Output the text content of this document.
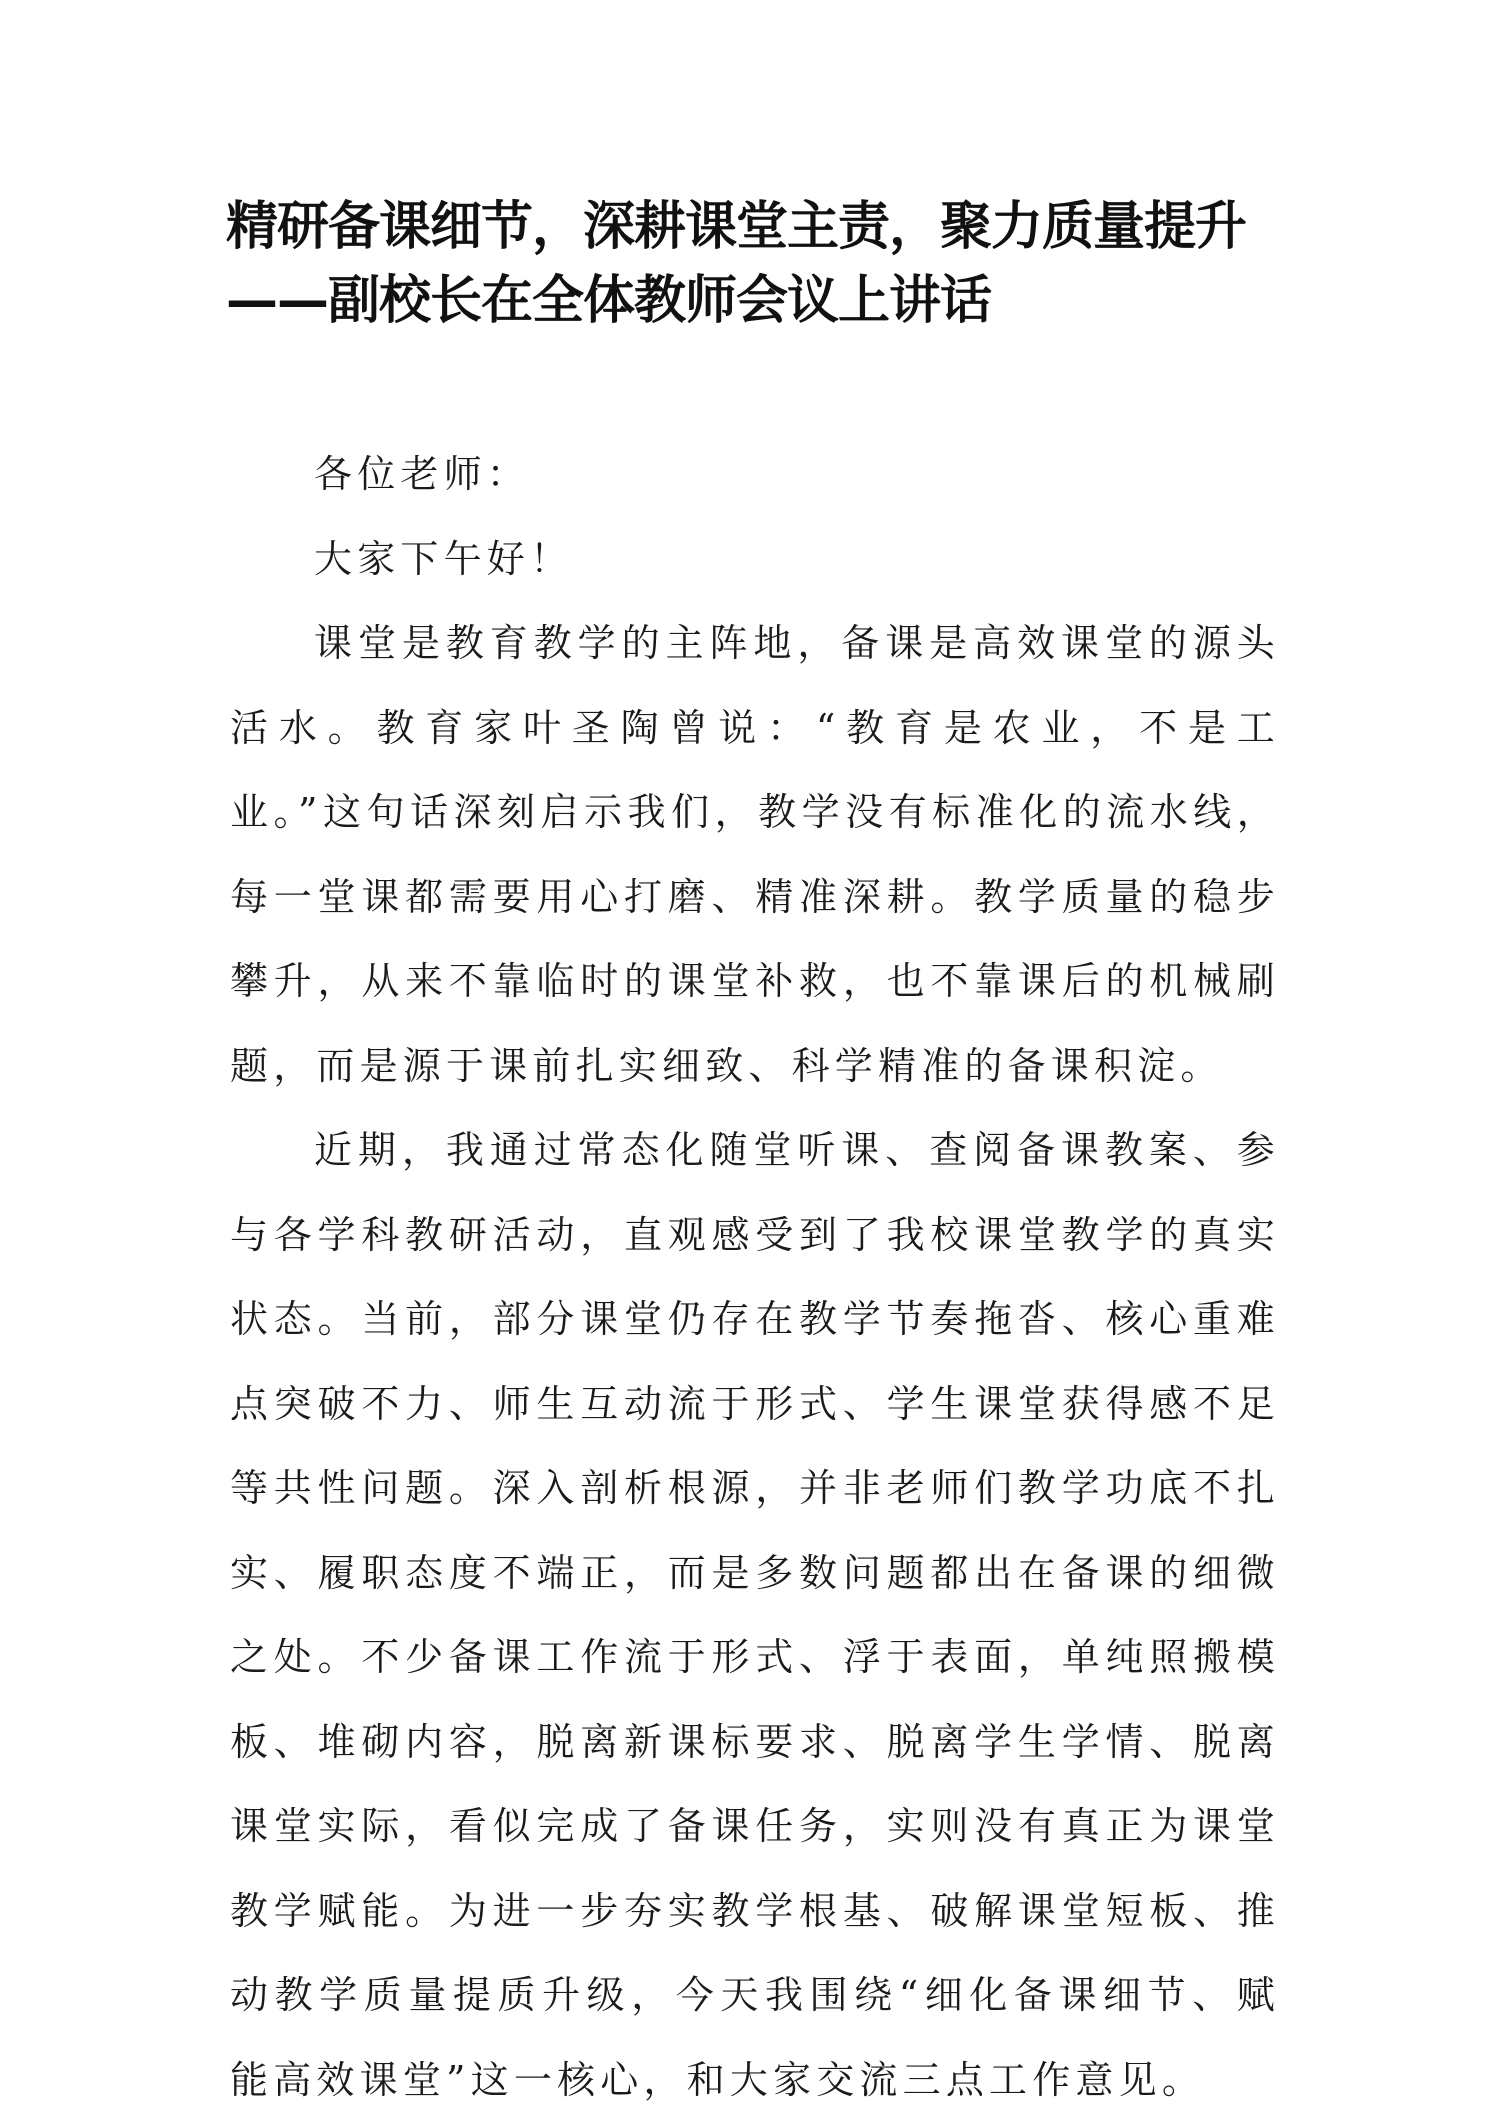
精研备课细节，深耕课堂主责，聚力质量提升——副校长在全体教师会议上讲话

各位老师：

大家下午好！

课堂是教育教学的主阵地，备课是高效课堂的源头活水。教育家叶圣陶曾说：“教育是农业，不是工业。”这句话深刻启示我们，教学没有标准化的流水线，每一堂课都需要用心打磨、精准深耕。教学质量的稳步攀升，从来不靠临时的课堂补救，也不靠课后的机械刷题，而是源于课前扎实细致、科学精准的备课积淀。

近期，我通过常态化随堂听课、查阅备课教案、参与各学科教研活动，直观感受到了我校课堂教学的真实状态。当前，部分课堂仍存在教学节奏拖沓、核心重难点突破不力、师生互动流于形式、学生课堂获得感不足等共性问题。深入剖析根源，并非老师们教学功底不扎实、履职态度不端正，而是多数问题都出在备课的细微之处。不少备课工作流于形式、浮于表面，单纯照搬模板、堆砌内容，脱离新课标要求、脱离学生学情、脱离课堂实际，看似完成了备课任务，实则没有真正为课堂教学赋能。为进一步夯实教学根基、破解课堂短板、推动教学质量提质升级，今天我围绕“细化备课细节、赋能高效课堂”这一核心，和大家交流三点工作意见。
